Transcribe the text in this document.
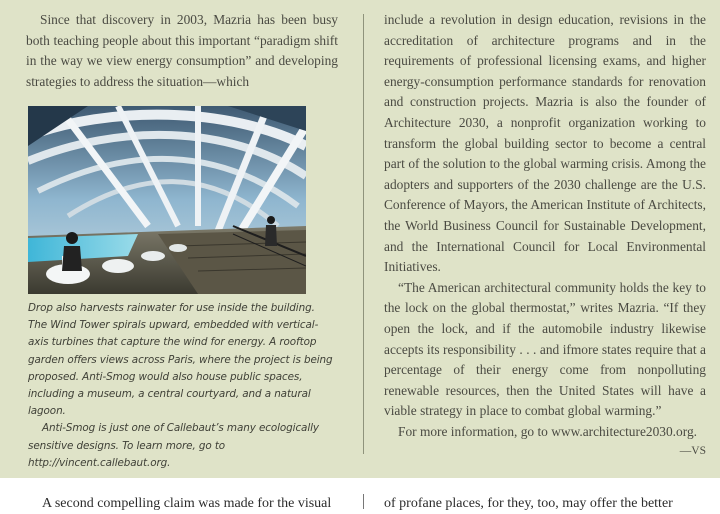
Since that discovery in 2003, Mazria has been busy both teaching people about this important “paradigm shift in the way we view energy consumption” and developing strategies to address the situation—which

Drop also harvests rainwater for use inside the building. The Wind Tower spirals upward, embedded with vertical-axis turbines that capture the wind for energy. A rooftop garden offers views across Paris, where the project is being proposed. Anti-Smog would also house public spaces, including a museum, a central courtyard, and a natural lagoon.

Anti-Smog is just one of Callebaut’s many ecologically sensitive designs. To learn more, go to http://vincent.callebaut.org.

include a revolution in design education, revisions in the accreditation of architecture programs and in the requirements of professional licensing exams, and higher energy-consumption performance standards for renovation and construction projects. Mazria is also the founder of Architecture 2030, a nonprofit organization working to transform the global building sector to become a central part of the solution to the global warming crisis. Among the adopters and supporters of the 2030 challenge are the U.S. Conference of Mayors, the American Institute of Architects, the World Business Council for Sustainable Development, and the International Council for Local Environmental Initiatives.

“The American architectural community holds the key to the lock on the global thermostat,” writes Mazria. “If they open the lock, and if the automobile industry likewise accepts its responsibility . . . and ifmore states require that a percentage of their energy come from nonpolluting renewable resources, then the United States will have a viable strategy in place to combat global warming.”

For more information, go to www.architecture2030.org.

—VS
A second compelling claim was made for the visual	of profane places, for they, too, may offer the better
